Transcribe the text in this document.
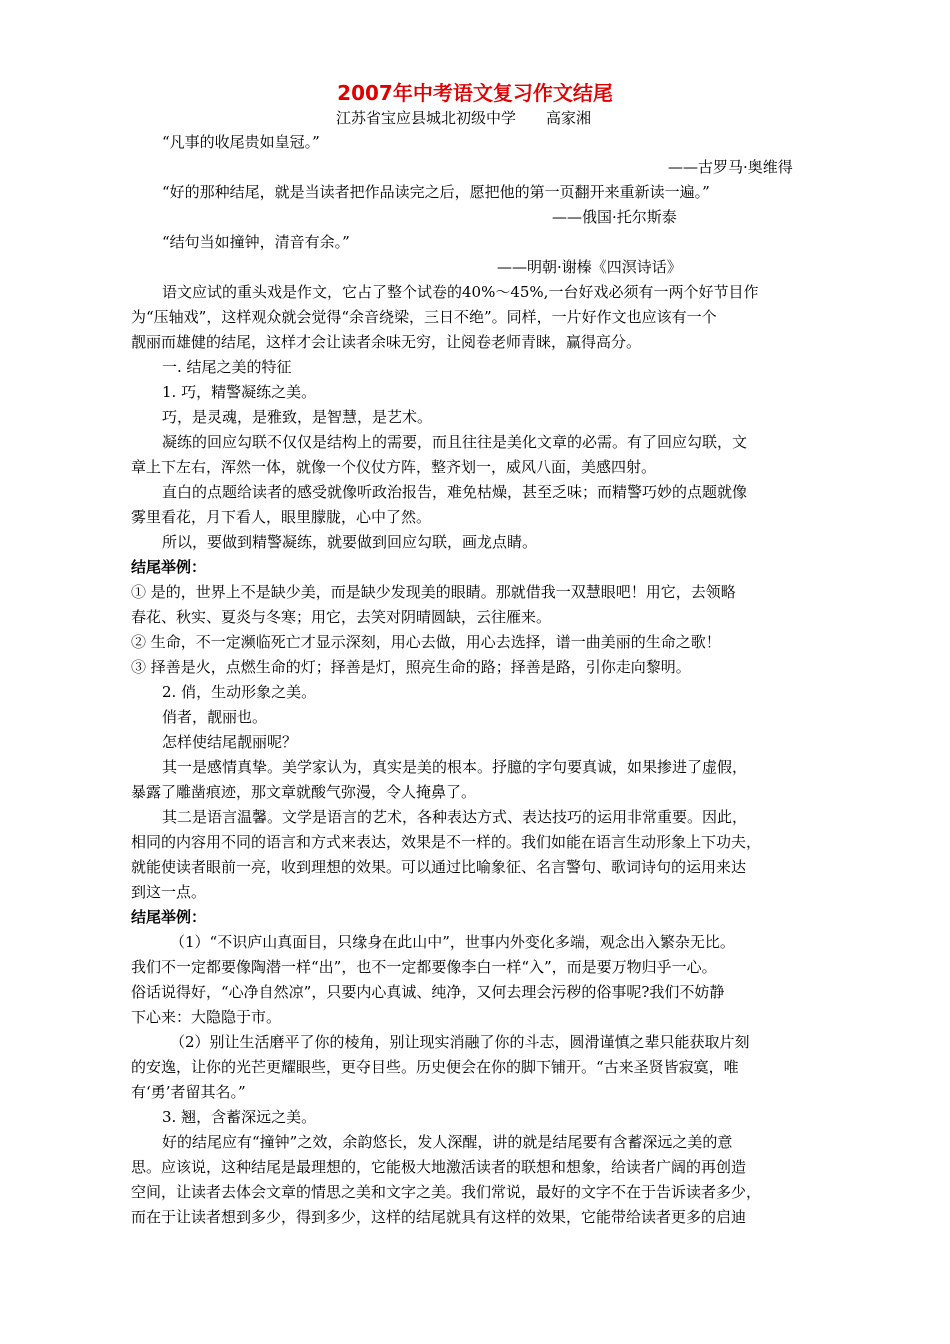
2007年中考语文复习作文结尾
江苏省宝应县城北初级中学　　高家湘
“凡事的收尾贵如皇冠。”
——古罗马·奥维得
“好的那种结尾，就是当读者把作品读完之后，愿把他的第一页翻开来重新读一遍。”
——俄国·托尔斯泰
“结句当如撞钟，清音有余。”
——明朝·谢榛《四溟诗话》
语文应试的重头戏是作文，它占了整个试卷的40%～45%,一台好戏必须有一两个好节目作
为“压轴戏”，这样观众就会觉得“余音绕梁，三日不绝”。同样，一片好作文也应该有一个
靓丽而雄健的结尾，这样才会让读者余味无穷，让阅卷老师青睐，赢得高分。
一. 结尾之美的特征
1. 巧，精警凝练之美。
巧，是灵魂，是雅致，是智慧，是艺术。
凝练的回应勾联不仅仅是结构上的需要，而且往往是美化文章的必需。有了回应勾联，文
章上下左右，浑然一体，就像一个仪仗方阵，整齐划一，威风八面，美感四射。
直白的点题给读者的感受就像听政治报告，难免枯燥，甚至乏味；而精警巧妙的点题就像
雾里看花，月下看人，眼里朦胧，心中了然。
所以，要做到精警凝练，就要做到回应勾联，画龙点睛。
结尾举例：
① 是的，世界上不是缺少美，而是缺少发现美的眼睛。那就借我一双慧眼吧！用它，去领略
春花、秋实、夏炎与冬寒；用它，去笑对阴晴圆缺，云往雁来。
② 生命，不一定濒临死亡才显示深刻，用心去做，用心去选择，谱一曲美丽的生命之歌！
③ 择善是火，点燃生命的灯；择善是灯，照亮生命的路；择善是路，引你走向黎明。
2. 俏，生动形象之美。
俏者，靓丽也。
怎样使结尾靓丽呢？
其一是感情真挚。美学家认为，真实是美的根本。抒臆的字句要真诚，如果掺进了虚假，
暴露了雕凿痕迹，那文章就酸气弥漫，令人掩鼻了。
其二是语言温馨。文学是语言的艺术，各种表达方式、表达技巧的运用非常重要。因此，
相同的内容用不同的语言和方式来表达，效果是不一样的。我们如能在语言生动形象上下功夫，
就能使读者眼前一亮，收到理想的效果。可以通过比喻象征、名言警句、歌词诗句的运用来达
到这一点。
结尾举例：
（1）“不识庐山真面目，只缘身在此山中”，世事内外变化多端，观念出入繁杂无比。
我们不一定都要像陶潜一样“出”，也不一定都要像李白一样“入”，而是要万物归乎一心。
俗话说得好，“心净自然凉”，只要内心真诚、纯净，又何去理会污秽的俗事呢?我们不妨静
下心来：大隐隐于市。
（2）别让生活磨平了你的棱角，别让现实消融了你的斗志，圆滑谨慎之辈只能获取片刻
的安逸，让你的光芒更耀眼些，更夺目些。历史便会在你的脚下铺开。“古来圣贤皆寂寞，唯
有‘勇’者留其名。”
3. 翘，含蓄深远之美。
好的结尾应有“撞钟”之效，余韵悠长，发人深醒，讲的就是结尾要有含蓄深远之美的意
思。应该说，这种结尾是最理想的，它能极大地激活读者的联想和想象，给读者广阔的再创造
空间，让读者去体会文章的情思之美和文字之美。我们常说，最好的文字不在于告诉读者多少，
而在于让读者想到多少，得到多少，这样的结尾就具有这样的效果，它能带给读者更多的启迪
